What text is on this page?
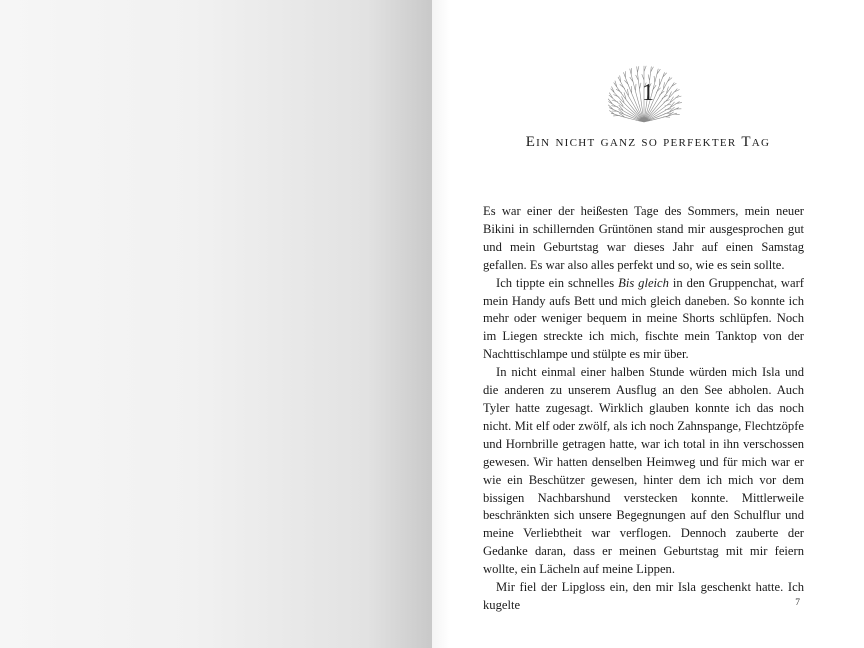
1
Ein nicht ganz so perfekter Tag

Es war einer der heißesten Tage des Sommers, mein neuer Bikini in schillernden Grüntönen stand mir ausgesprochen gut und mein Geburtstag war dieses Jahr auf einen Samstag gefallen. Es war also alles perfekt und so, wie es sein sollte.

Ich tippte ein schnelles Bis gleich in den Gruppenchat, warf mein Handy aufs Bett und mich gleich daneben. So konnte ich mehr oder weniger bequem in meine Shorts schlüpfen. Noch im Liegen streckte ich mich, fischte mein Tanktop von der Nachttischlampe und stülpte es mir über.

In nicht einmal einer halben Stunde würden mich Isla und die anderen zu unserem Ausflug an den See abholen. Auch Tyler hatte zugesagt. Wirklich glauben konnte ich das noch nicht. Mit elf oder zwölf, als ich noch Zahnspange, Flechtzöpfe und Hornbrille getragen hatte, war ich total in ihn verschossen gewesen. Wir hatten denselben Heimweg und für mich war er wie ein Beschützer gewesen, hinter dem ich mich vor dem bissigen Nachbarshund verstecken konnte. Mittlerweile beschränkten sich unsere Begegnungen auf den Schulflur und meine Verliebtheit war verflogen. Dennoch zauberte der Gedanke daran, dass er meinen Geburtstag mit mir feiern wollte, ein Lächeln auf meine Lippen.

Mir fiel der Lipgloss ein, den mir Isla geschenkt hatte. Ich kugelte	7
